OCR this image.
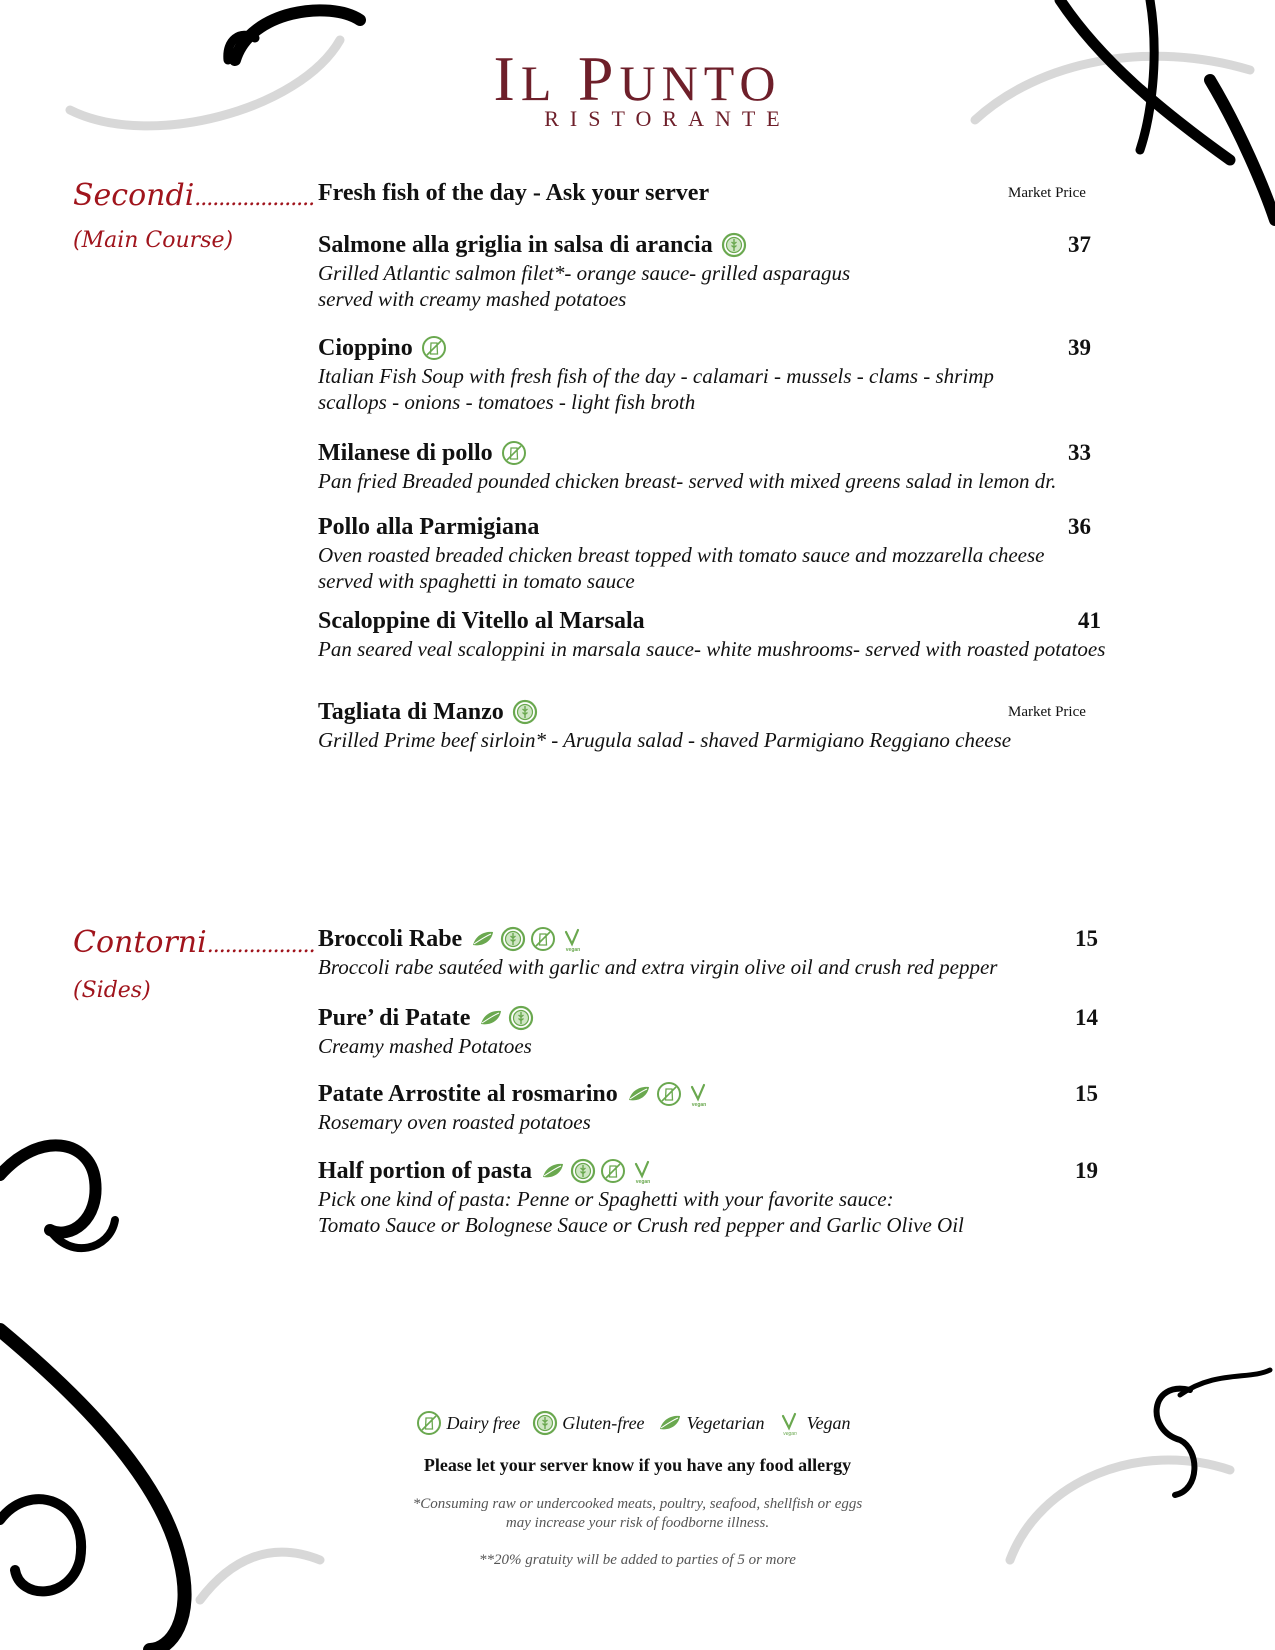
IL PUNTO
RISTORANTE
Secondi....................
(Main Course)
Contorni..................
(Sides)
Fresh fish of the day - Ask your server	Market Price
Salmone alla griglia in salsa di arancia	37
Grilled Atlantic salmon filet*- orange sauce- grilled asparagus
served with creamy mashed potatoes
Cioppino	39
Italian Fish Soup with fresh fish of the day - calamari - mussels - clams - shrimp
scallops - onions - tomatoes - light fish broth
Milanese di pollo	33
Pan fried Breaded pounded chicken breast- served with mixed greens salad in lemon dr.
Pollo alla Parmigiana	36
Oven roasted breaded chicken breast topped with tomato sauce and mozzarella cheese
served with spaghetti in tomato sauce
Scaloppine di Vitello al Marsala	41
Pan seared veal scaloppini in marsala sauce- white mushrooms- served with roasted potatoes
Tagliata di Manzo	Market Price
Grilled Prime beef sirloin* - Arugula salad - shaved Parmigiano Reggiano cheese
Broccoli Rabe	vegan	15
Broccoli rabe sautéed with garlic and extra virgin olive oil and crush red pepper
Pure’ di Patate	14
Creamy mashed Potatoes
Patate Arrostite al rosmarino	vegan	15
Rosemary oven roasted potatoes
Half portion of pasta	vegan	19
Pick one kind of pasta: Penne or Spaghetti with your favorite sauce:
Tomato Sauce or Bolognese Sauce or Crush red pepper and Garlic Olive Oil
Dairy free Gluten-free Vegetarian
vegan
Vegan
Please let your server know if you have any food allergy
*Consuming raw or undercooked meats, poultry, seafood, shellfish or eggs
may increase your risk of foodborne illness.
**20% gratuity will be added to parties of 5 or more
